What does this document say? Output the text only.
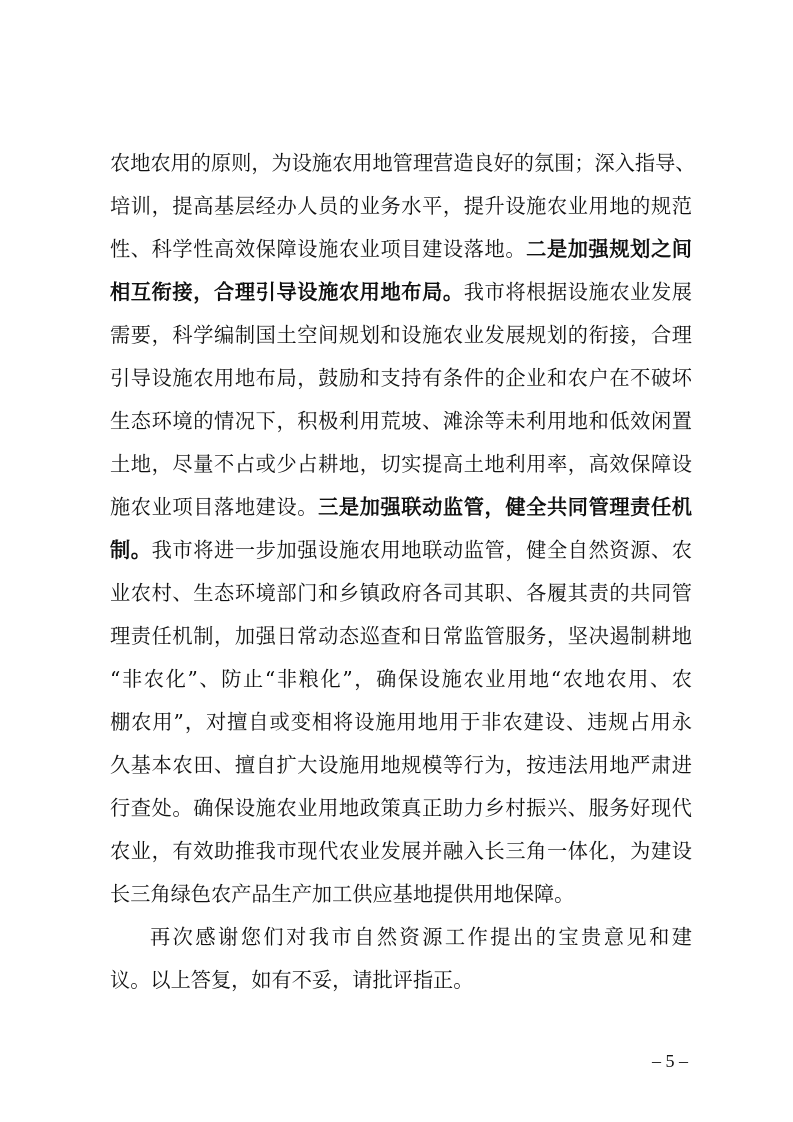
农地农用的原则，为设施农用地管理营造良好的氛围；深入指导、
培训，提高基层经办人员的业务水平，提升设施农业用地的规范
性、科学性高效保障设施农业项目建设落地。二是加强规划之间
相互衔接，合理引导设施农用地布局。我市将根据设施农业发展
需要，科学编制国土空间规划和设施农业发展规划的衔接，合理
引导设施农用地布局，鼓励和支持有条件的企业和农户在不破坏
生态环境的情况下，积极利用荒坡、滩涂等未利用地和低效闲置
土地，尽量不占或少占耕地，切实提高土地利用率，高效保障设
施农业项目落地建设。三是加强联动监管，健全共同管理责任机
制。我市将进一步加强设施农用地联动监管，健全自然资源、农
业农村、生态环境部门和乡镇政府各司其职、各履其责的共同管
理责任机制，加强日常动态巡查和日常监管服务，坚决遏制耕地
“非农化”、防止“非粮化”，确保设施农业用地“农地农用、农
棚农用”，对擅自或变相将设施用地用于非农建设、违规占用永
久基本农田、擅自扩大设施用地规模等行为，按违法用地严肃进
行查处。确保设施农业用地政策真正助力乡村振兴、服务好现代
农业，有效助推我市现代农业发展并融入长三角一体化，为建设
长三角绿色农产品生产加工供应基地提供用地保障。
再次感谢您们对我市自然资源工作提出的宝贵意见和建
议。以上答复，如有不妥，请批评指正。
– 5 –
